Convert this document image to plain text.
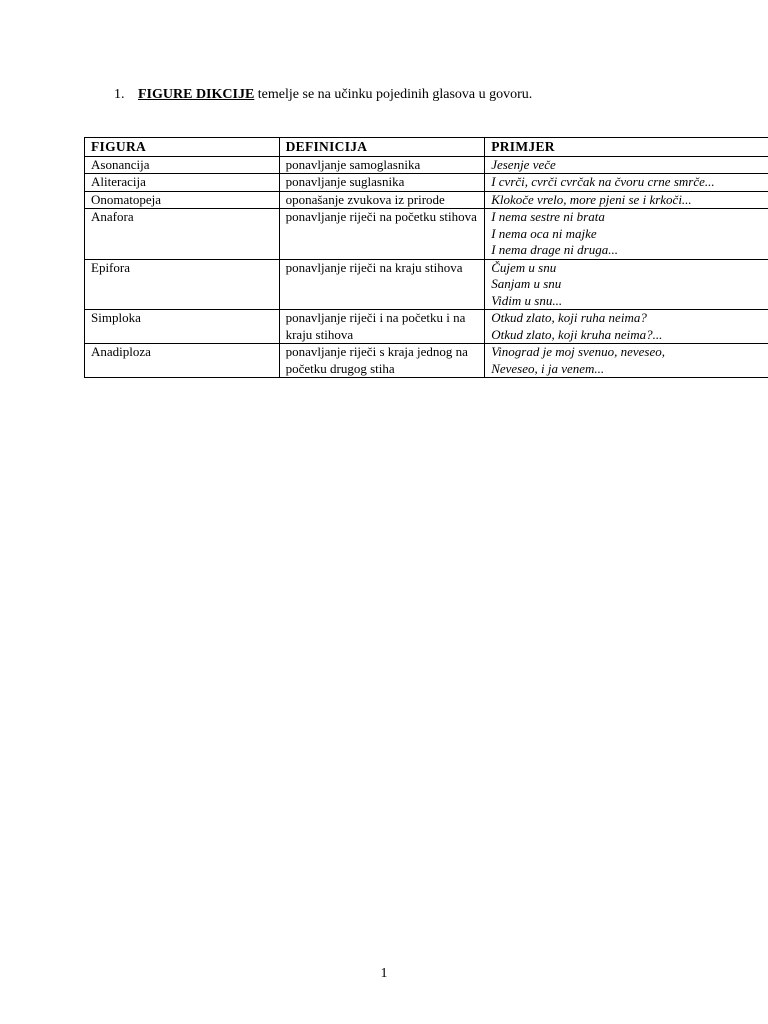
1. FIGURE DIKCIJE temelje se na učinku pojedinih glasova u govoru.
FIGURA	DEFINICIJA	PRIMJER
Asonancija	ponavljanje samoglasnika	Jesenje veče

Aliteracija	ponavljanje suglasnika	I cvrči, cvrči cvrčak na čvoru crne smrče...

Onomatopeja	oponašanje zvukova iz prirode	Klokoče vrelo, more pjeni se i krkoči...

Anafora	ponavljanje riječi na početku stihova	I nema sestre ni brata
I nema oca ni majke
I nema drage ni druga...

Epifora	ponavljanje riječi na kraju stihova	Čujem u snu
Sanjam u snu
Vidim u snu...

Simploka	ponavljanje riječi i na početku i na kraju stihova	Otkud zlato, koji ruha neima?
Otkud zlato, koji kruha neima?...

Anadiploza	ponavljanje riječi s kraja jednog na početku drugog stiha	Vinograd je moj svenuo, neveseo,
Neveseo, i ja venem...
1
